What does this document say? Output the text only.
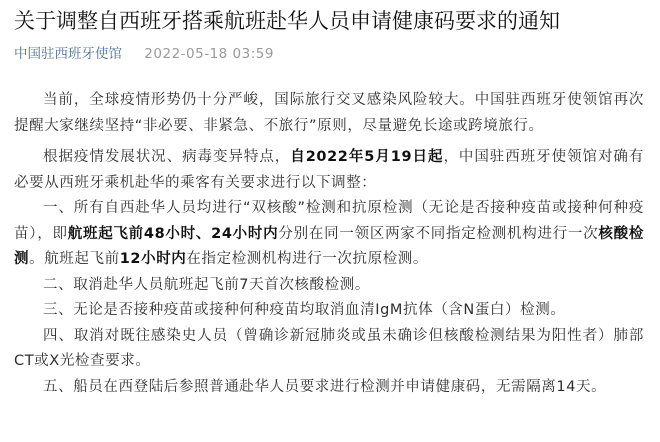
关于调整自西班牙搭乘航班赴华人员申请健康码要求的通知
中国驻西班牙使馆 2022-05-18 03:59

当前，全球疫情形势仍十分严峻，国际旅行交叉感染风险较大。中国驻西班牙使领馆再次提醒大家继续坚持“非必要、非紧急、不旅行”原则，尽量避免长途或跨境旅行。

根据疫情发展状况、病毒变异特点，自2022年5月19日起，中国驻西班牙使领馆对确有必要从西班牙乘机赴华的乘客有关要求进行以下调整：

一、所有自西赴华人员均进行“双核酸”检测和抗原检测（无论是否接种疫苗或接种何种疫苗），即航班起飞前48小时、24小时内分别在同一领区两家不同指定检测机构进行一次核酸检测。航班起飞前12小时内在指定检测机构进行一次抗原检测。

二、取消赴华人员航班起飞前7天首次核酸检测。

三、无论是否接种疫苗或接种何种疫苗均取消血清IgM抗体（含N蛋白）检测。

四、取消对既往感染史人员（曾确诊新冠肺炎或虽未确诊但核酸检测结果为阳性者）肺部CT或X光检查要求。

五、船员在西登陆后参照普通赴华人员要求进行检测并申请健康码，无需隔离14天。
